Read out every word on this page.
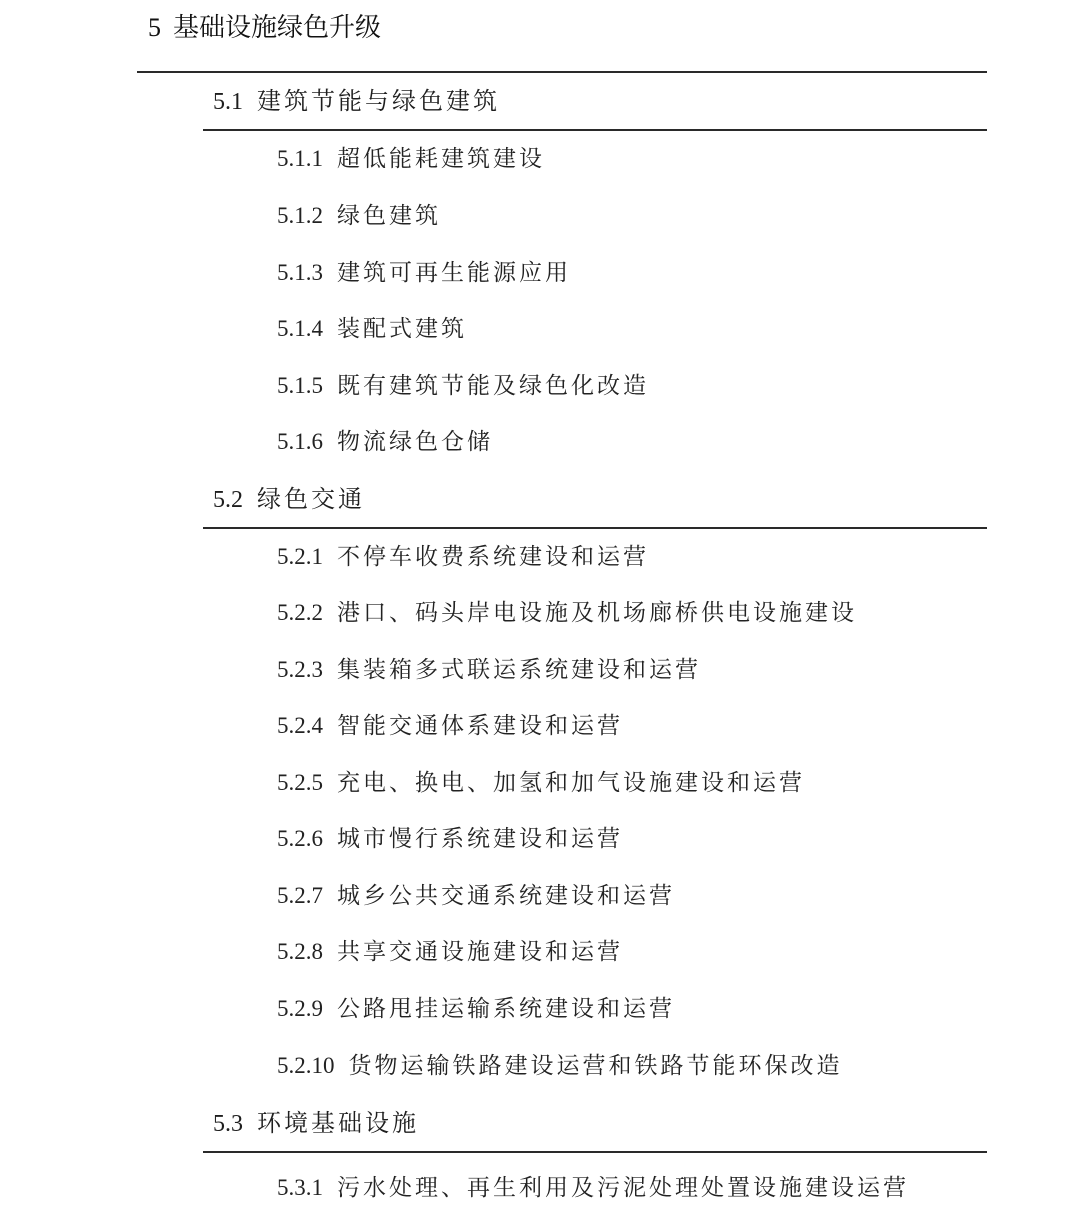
5 基础设施绿色升级
5.1 建筑节能与绿色建筑
5.1.1 超低能耗建筑建设
5.1.2 绿色建筑
5.1.3 建筑可再生能源应用
5.1.4 装配式建筑
5.1.5 既有建筑节能及绿色化改造
5.1.6 物流绿色仓储
5.2 绿色交通
5.2.1 不停车收费系统建设和运营
5.2.2 港口、码头岸电设施及机场廊桥供电设施建设
5.2.3 集装箱多式联运系统建设和运营
5.2.4 智能交通体系建设和运营
5.2.5 充电、换电、加氢和加气设施建设和运营
5.2.6 城市慢行系统建设和运营
5.2.7 城乡公共交通系统建设和运营
5.2.8 共享交通设施建设和运营
5.2.9 公路甩挂运输系统建设和运营
5.2.10 货物运输铁路建设运营和铁路节能环保改造
5.3 环境基础设施
5.3.1 污水处理、再生利用及污泥处理处置设施建设运营
